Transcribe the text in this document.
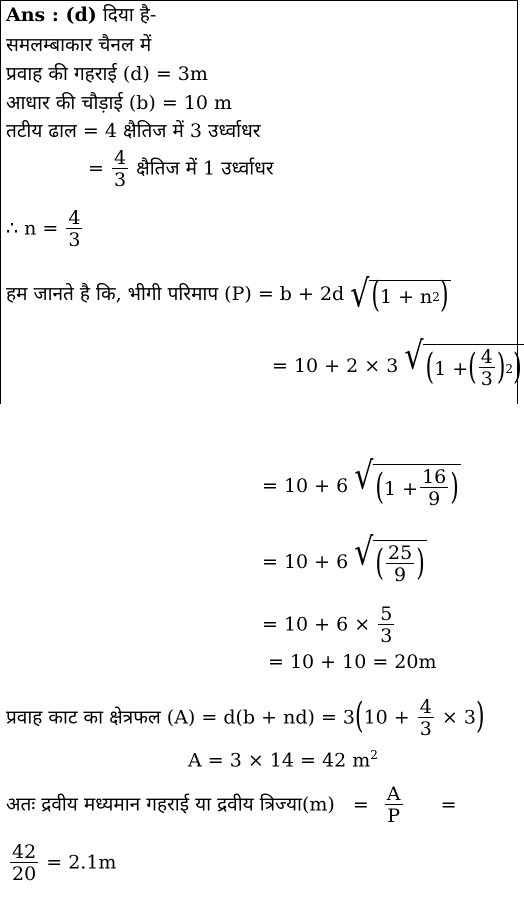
Ans : (d) दिया है-
समलम्बाकार चैनल में
प्रवाह की गहराई (d) = 3m
आधार की चौड़ाई (b) = 10 m
तटीय ढाल = 4 क्षैतिज में 3 उर्ध्वाधर
= $\frac{4}{3}$ क्षैतिज में 1 उर्ध्वाधर
∴ $n = \frac{4}{3}$
हम जानते है कि, भीगी परिमाप (P) = b + 2d √ ( 1 + n 2 )
= 10 + 2 × 3 √ ( 1 + ( $\frac{4}{3}$ ) 2 )
= 10 + 6 √ ( $1 + \frac{16}{9}$ )
= 10 + 6 √ ( $\frac{25}{9}$ )
= $10 + 6 \times \frac{5}{3}$
= 10 + 10 = 20m
प्रवाह काट का क्षेत्रफल $(A) = d(b + nd) = 3(10 + \frac{4}{3} \times 3)$
A = 3 × 14 = 42 $m^2$
अतः द्रवीय मध्यमान गहराई या द्रवीय त्रिज्या(m) = $\frac{A}{P}$ =
$\frac{42}{20} = 2.1m$
